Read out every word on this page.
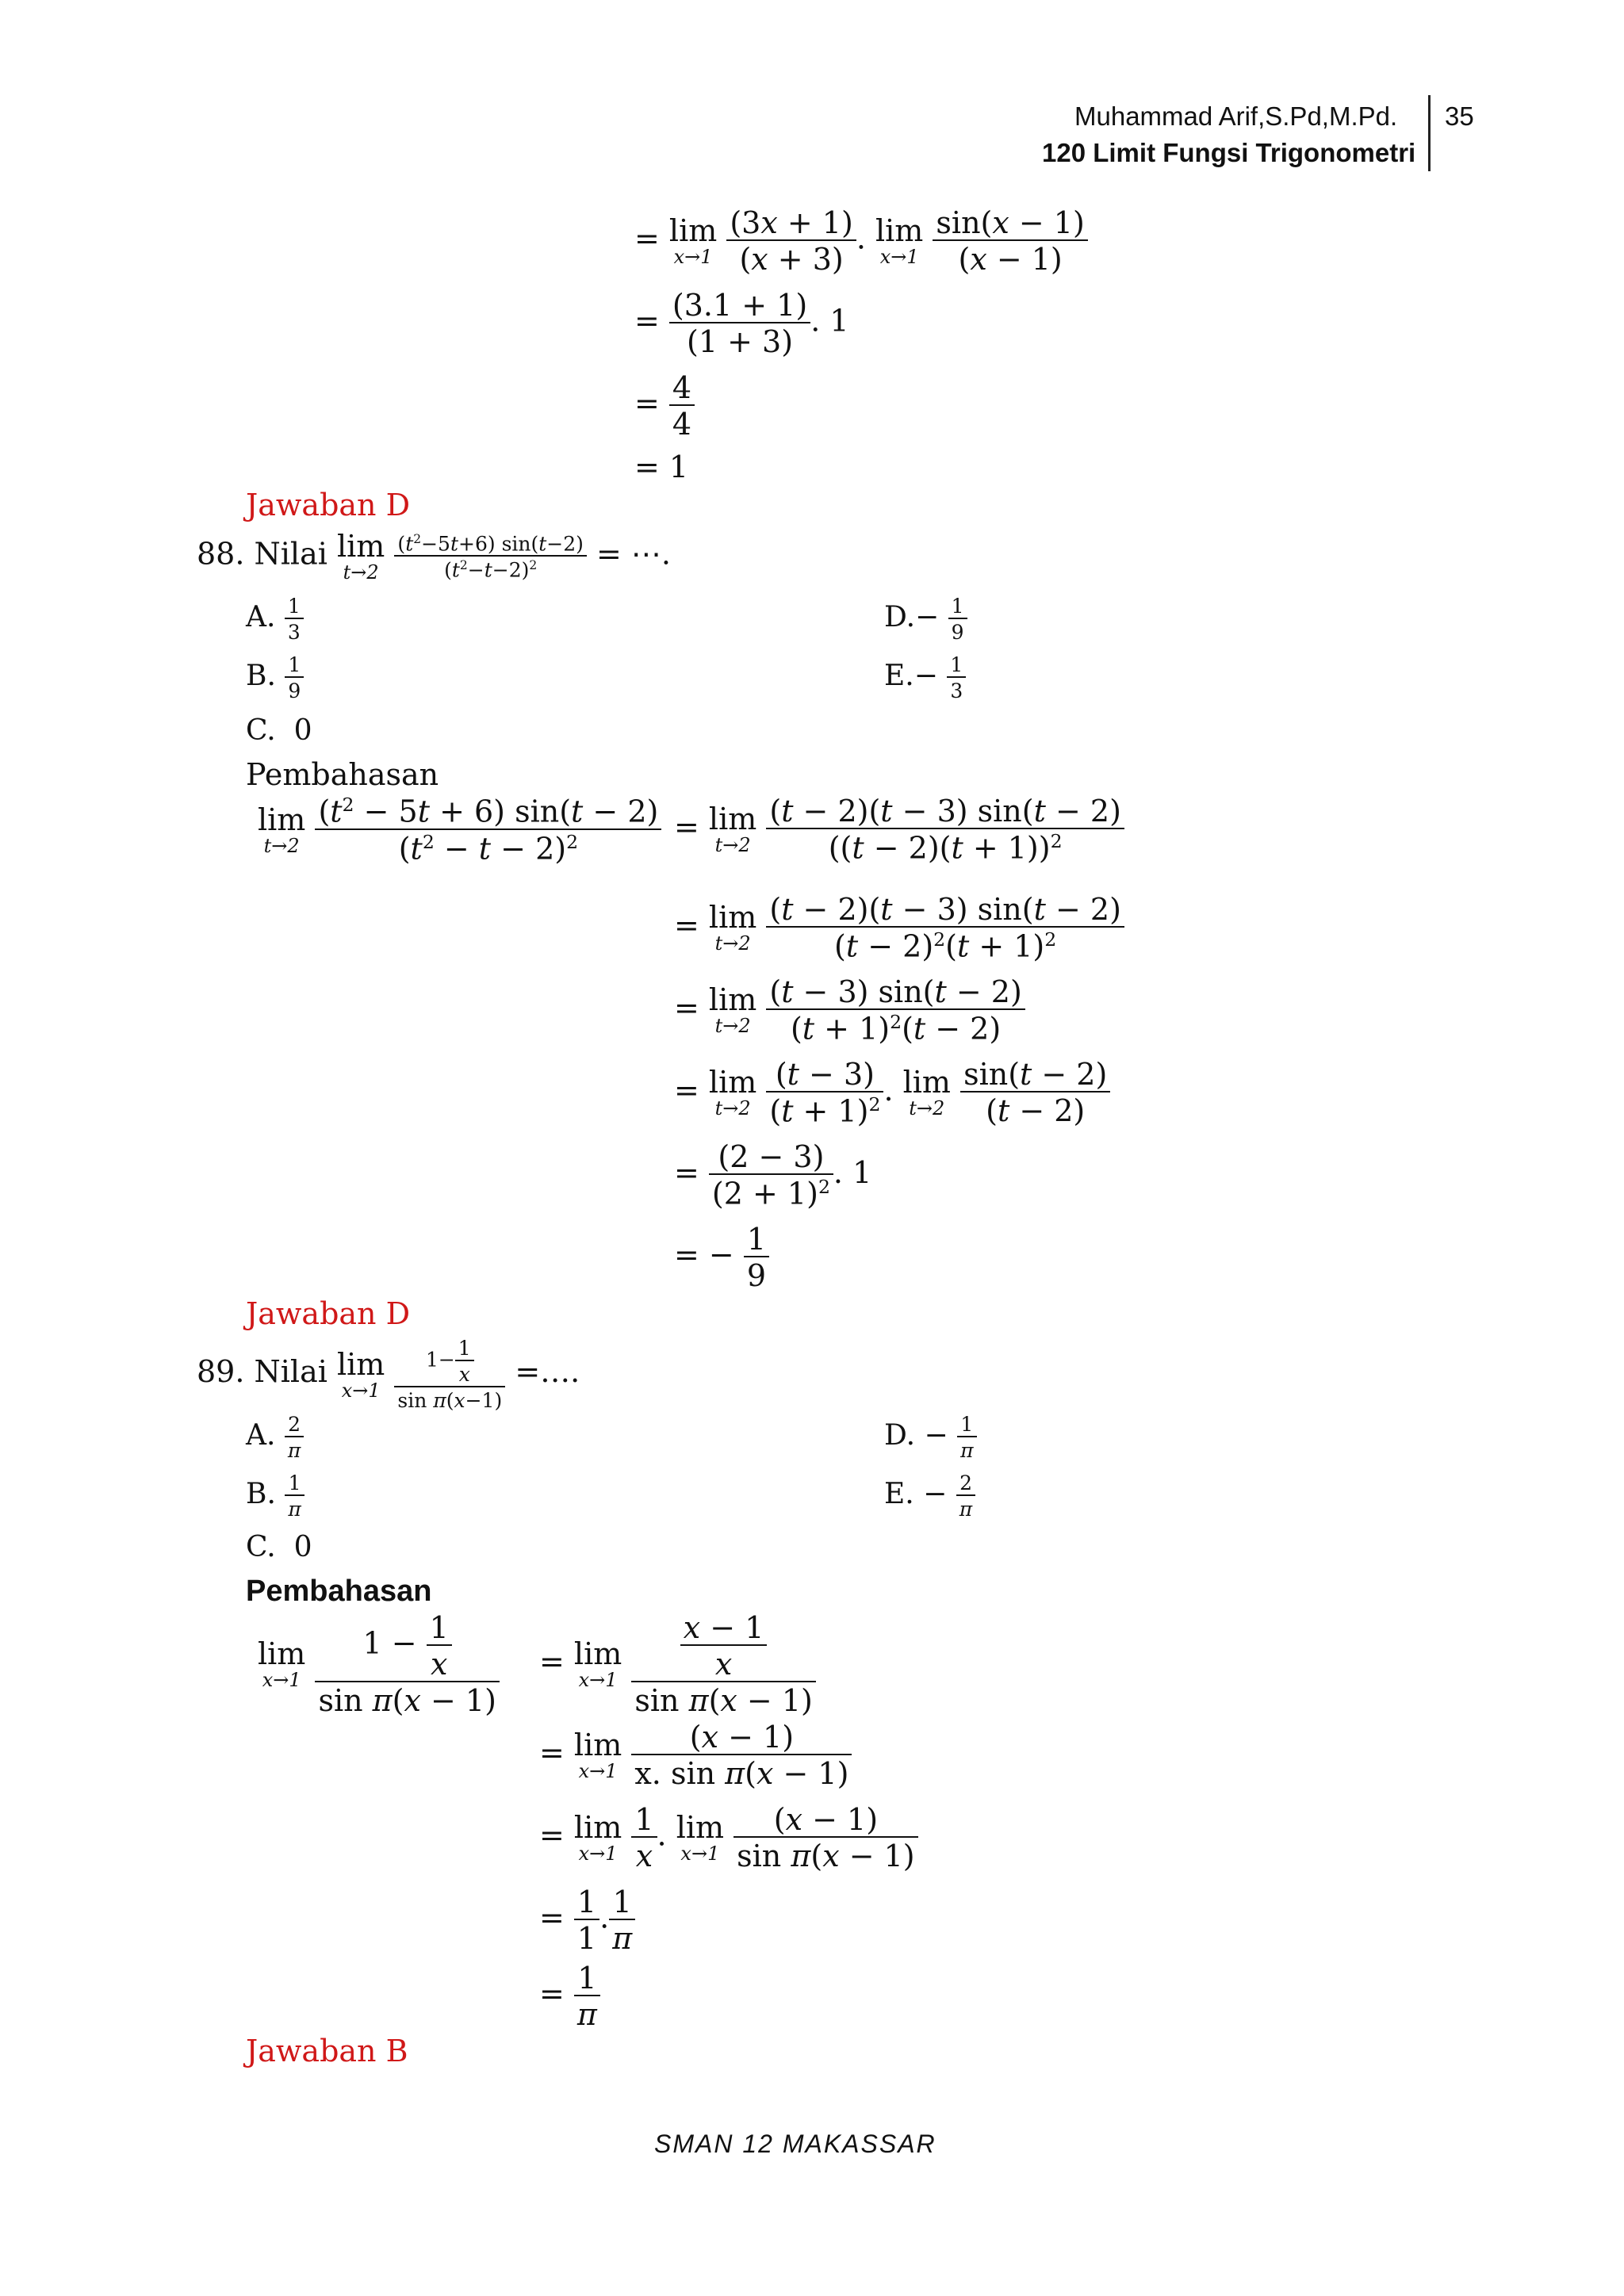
Muhammad Arif,S.Pd,M.Pd. 35
120 Limit Fungsi Trigonometri
= lim
x→1
$\frac{(3x + 1)}{(x + 3)}$ . lim
x→1
$\frac{\sin(x - 1)}{(x - 1)}$
= $\frac{(3.1 + 1)}{(1 + 3)}$ . 1
= $\frac{4}{4}$
= 1
Jawaban D
88. Nilai lim
t→2
$\frac{(t^2-5t+6) \sin(t-2)}{(t^2-t-2)^2}$ = ⋯.
A. $\frac{1}{3}$
B. $\frac{1}{9}$
C. 0
$D.- \frac{1}{9}$
$E.- \frac{1}{3}$
Pembahasan
lim
t→2
$\frac{(t^2 - 5t + 6) \sin(t - 2)}{(t^2 - t - 2)^2} = \lim$
t→2
$\frac{(t - 2)(t - 3) \sin(t - 2)}{((t - 2)(t + 1))^2}$
= lim
t→2
$\frac{(t - 2)(t - 3) \sin(t - 2)}{(t - 2)^2(t + 1)^2}$
= lim
t→2
$\frac{(t - 3) \sin(t - 2)}{(t + 1)^2(t - 2)}$
= lim
t→2
$\frac{(t - 3)}{(t + 1)^2}$ . lim
t→2
$\frac{\sin(t - 2)}{(t - 2)}$
= $\frac{(2 - 3)}{(2 + 1)^2}$ . 1
= − $\frac{1}{9}$
Jawaban D
89. Nilai lim
x→1
$\frac{1- \frac{1}{x}}{\text{sin π(x−1)}}$ =….
A. $\frac{2}{\pi}$
B. $\frac{1}{\pi}$
C. 0
D. − $\frac{1}{\pi}$
E. − $\frac{2}{\pi}$
Pembahasan
lim
x→1
$\frac{1 - \frac{1}{x}}{\text{sin π(x − 1)}} = \lim$
x→1
$\frac{\frac{x - 1}{x}}{\text{sin π(x − 1)}}$
= lim
x→1
$\frac{(x - 1)}{\text{x. sin π(x − 1)}}$
= lim
x→1
$\frac{1}{x}$ . lim
x→1
$\frac{(x - 1)}{\text{sin π(x − 1)}}$
= $\frac{1}{1}$ . $\frac{1}{\pi}$
= $\frac{1}{\pi}$
Jawaban B
SMAN 12 MAKASSAR
